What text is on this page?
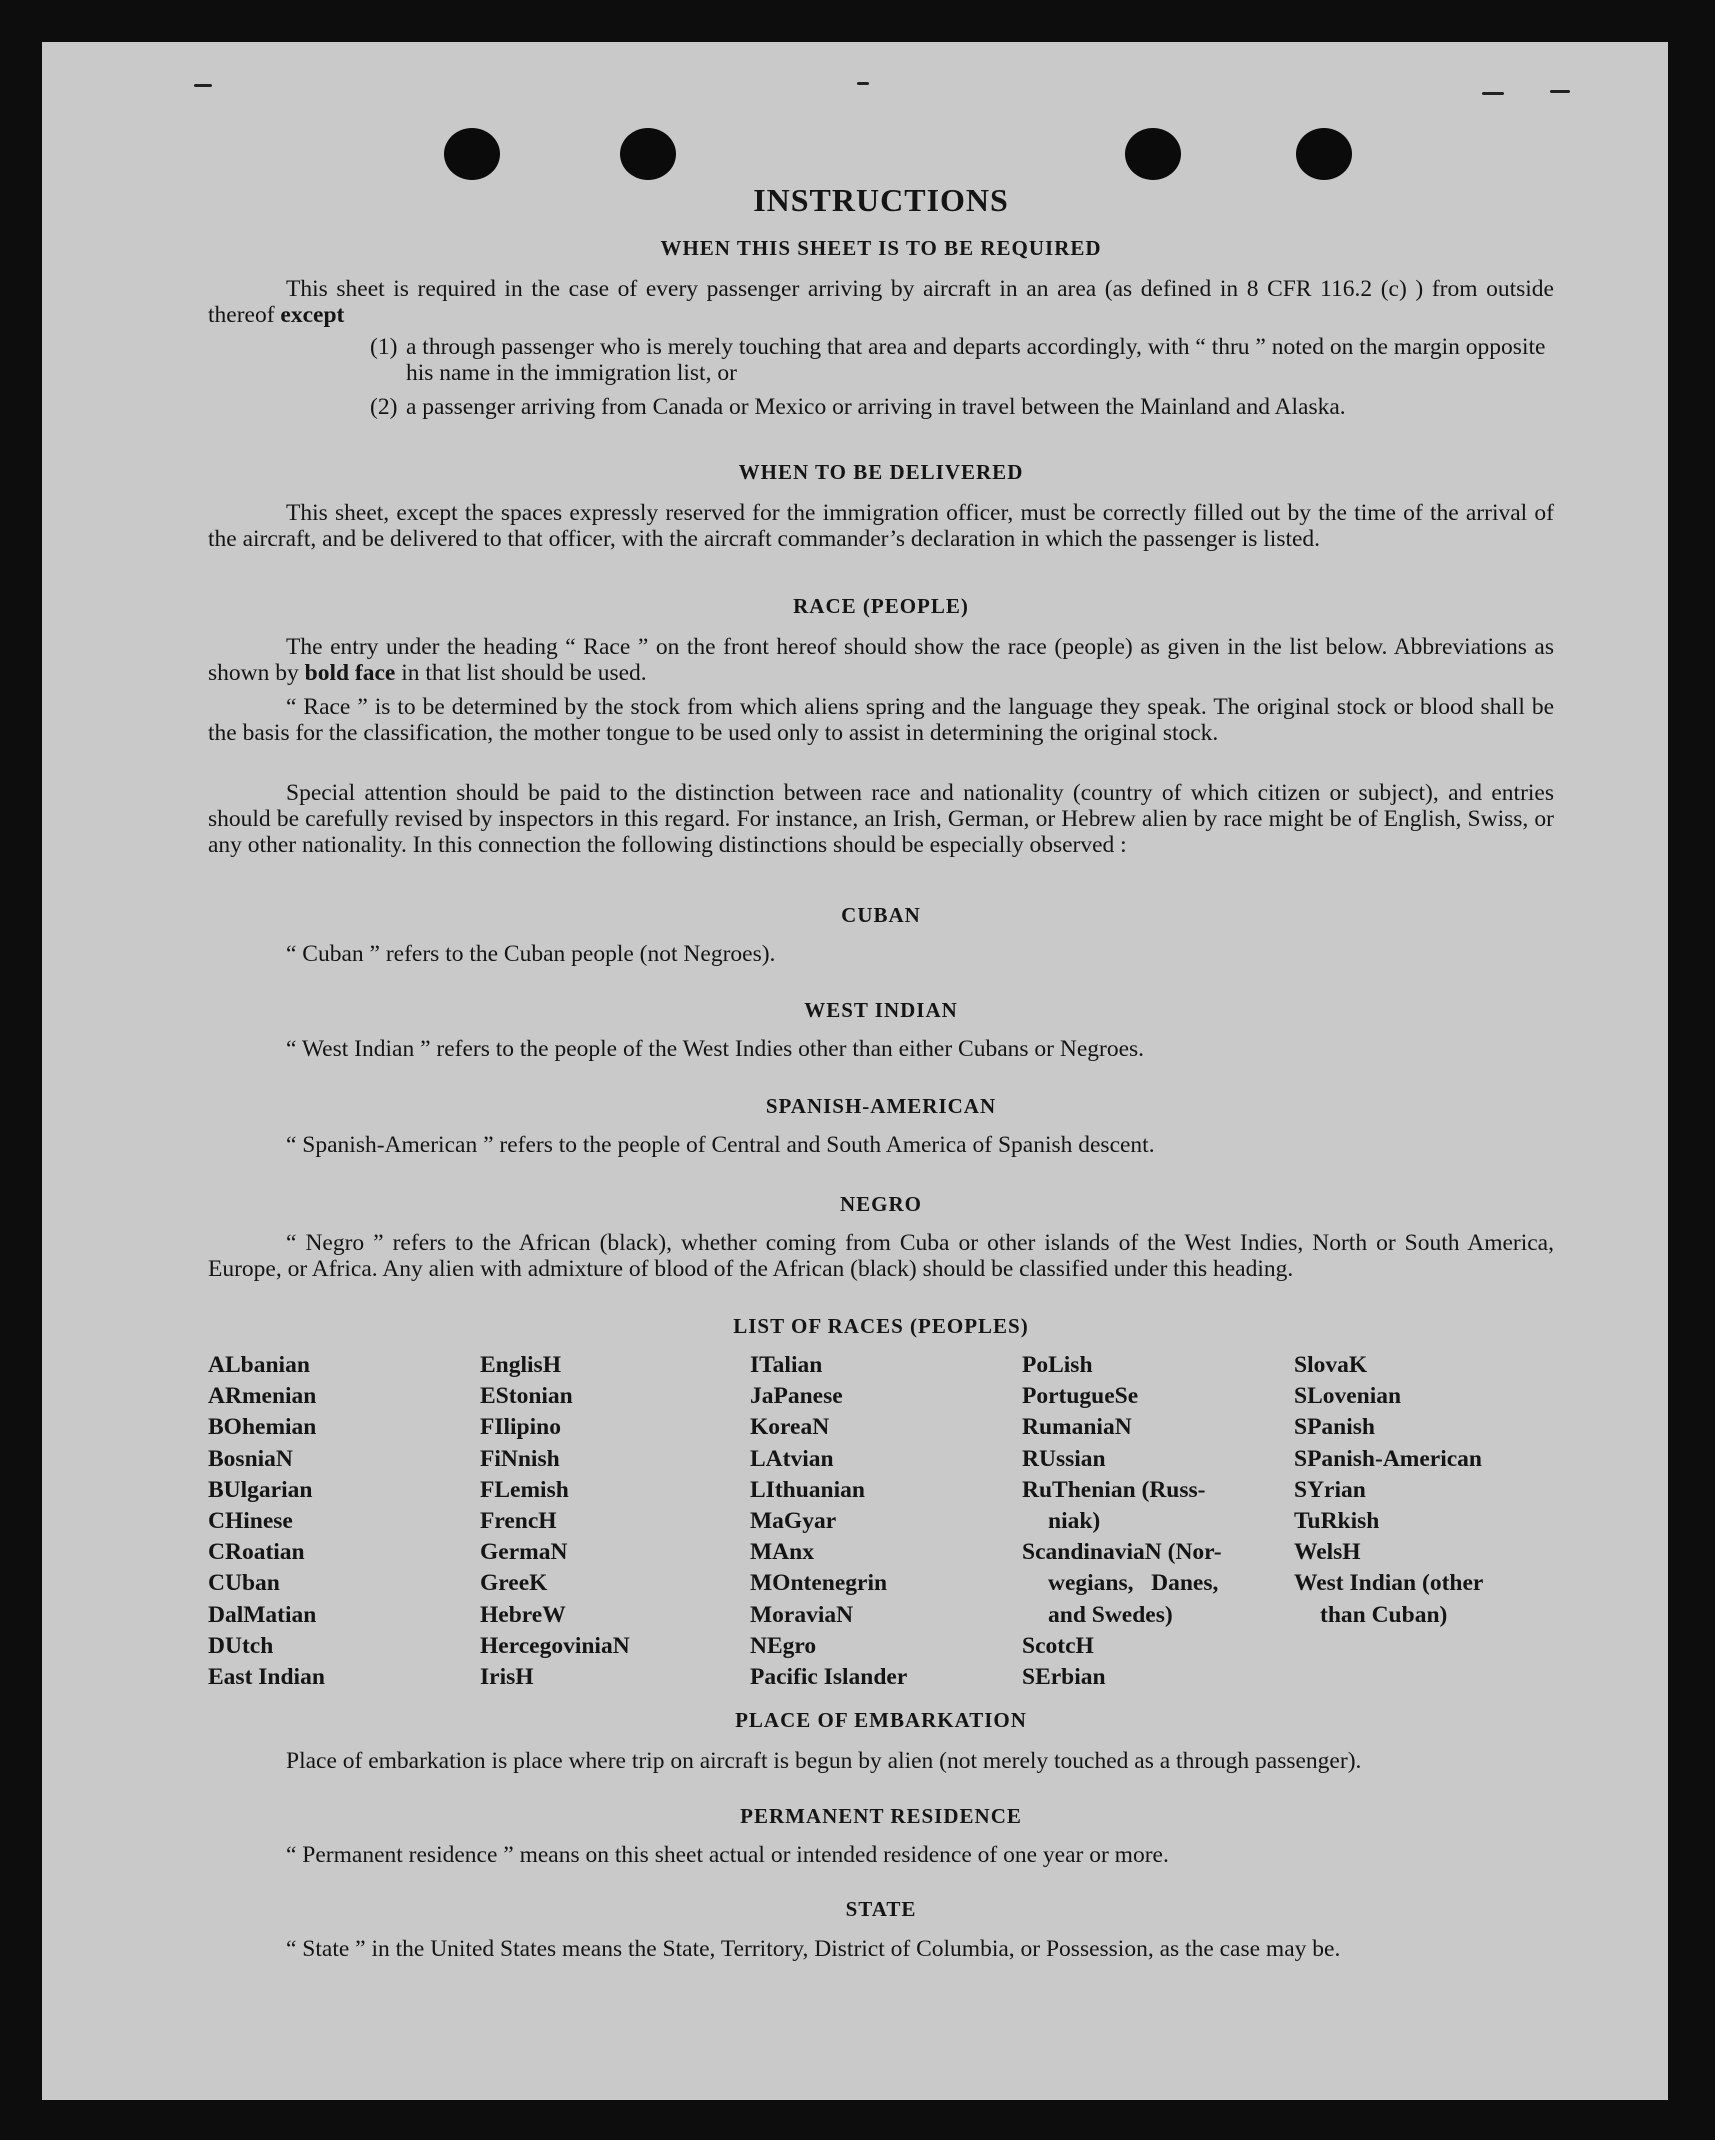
INSTRUCTIONS
WHEN THIS SHEET IS TO BE REQUIRED
This sheet is required in the case of every passenger arriving by aircraft in an area (as defined in 8 CFR 116.2 (c) ) from outside thereof except
(1) a through passenger who is merely touching that area and departs accordingly, with “ thru ” noted on the margin opposite his name in the immigration list, or
(2) a passenger arriving from Canada or Mexico or arriving in travel between the Mainland and Alaska.
WHEN TO BE DELIVERED
This sheet, except the spaces expressly reserved for the immigration officer, must be correctly filled out by the time of the arrival of the aircraft, and be delivered to that officer, with the aircraft commander’s declaration in which the passenger is listed.
RACE (PEOPLE)
The entry under the heading “ Race ” on the front hereof should show the race (people) as given in the list below. Abbreviations as shown by bold face in that list should be used.
“ Race ” is to be determined by the stock from which aliens spring and the language they speak. The original stock or blood shall be the basis for the classification, the mother tongue to be used only to assist in determining the original stock.
Special attention should be paid to the distinction between race and nationality (country of which citizen or subject), and entries should be carefully revised by inspectors in this regard. For instance, an Irish, German, or Hebrew alien by race might be of English, Swiss, or any other nationality. In this connection the following distinctions should be especially observed :
CUBAN
“ Cuban ” refers to the Cuban people (not Negroes).
WEST INDIAN
“ West Indian ” refers to the people of the West Indies other than either Cubans or Negroes.
SPANISH-AMERICAN
“ Spanish-American ” refers to the people of Central and South America of Spanish descent.
NEGRO
“ Negro ” refers to the African (black), whether coming from Cuba or other islands of the West Indies, North or South America, Europe, or Africa. Any alien with admixture of blood of the African (black) should be classified under this heading.
LIST OF RACES (PEOPLES)
ALbanian
ARmenian
BOhemian
BosniaN
BUlgarian
CHinese
CRoatian
CUban
DalMatian
DUtch
East Indian
EnglisH
EStonian
FIlipino
FiNnish
FLemish
FrencH
GermaN
GreeK
HebreW
HercegoviniaN
IrisH
ITalian
JaPanese
KoreaN
LAtvian
LIthuanian
MaGyar
MAnx
MOntenegrin
MoraviaN
NEgro
Pacific Islander
PoLish
PortugueSe
RumaniaN
RUssian
RuThenian (Russ-
niak)
ScandinaviaN (Nor-
wegians,   Danes,
and Swedes)
ScotcH
SErbian
SlovaK
SLovenian
SPanish
SPanish-American
SYrian
TuRkish
WelsH
West Indian (other
than Cuban)
PLACE OF EMBARKATION
Place of embarkation is place where trip on aircraft is begun by alien (not merely touched as a through passenger).
PERMANENT RESIDENCE
“ Permanent residence ” means on this sheet actual or intended residence of one year or more.
STATE
“ State ” in the United States means the State, Territory, District of Columbia, or Possession, as the case may be.
